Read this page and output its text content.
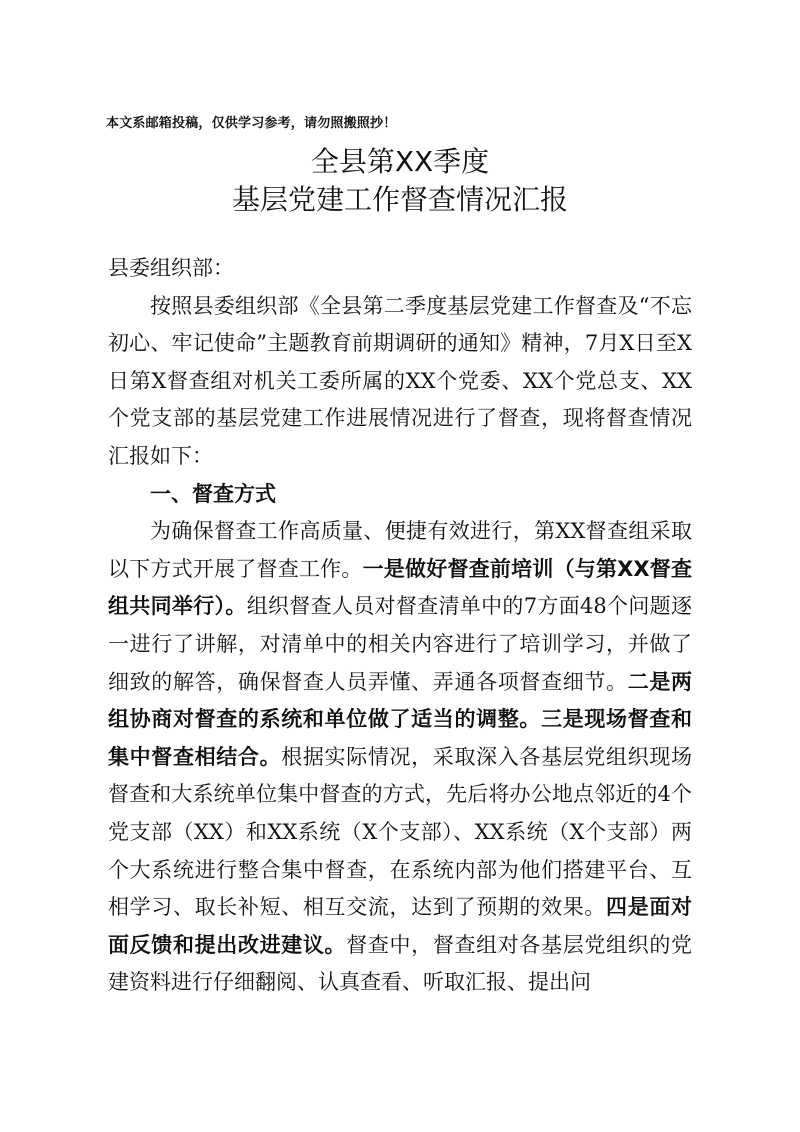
本文系邮箱投稿，仅供学习参考，请勿照搬照抄！
全县第XX季度
基层党建工作督查情况汇报

县委组织部：

按照县委组织部《全县第二季度基层党建工作督查及“不忘初心、牢记使命”主题教育前期调研的通知》精神，7月X日至X日第X督查组对机关工委所属的XX个党委、XX个党总支、XX个党支部的基层党建工作进展情况进行了督查，现将督查情况汇报如下：

一、督查方式

为确保督查工作高质量、便捷有效进行，第XX督查组采取以下方式开展了督查工作。一是做好督查前培训（与第XX督查组共同举行）。组织督查人员对督查清单中的7方面48个问题逐一进行了讲解，对清单中的相关内容进行了培训学习，并做了细致的解答，确保督查人员弄懂、弄通各项督查细节。二是两组协商对督查的系统和单位做了适当的调整。三是现场督查和集中督查相结合。根据实际情况，采取深入各基层党组织现场督查和大系统单位集中督查的方式，先后将办公地点邻近的4个党支部（XX）和XX系统（X个支部）、XX系统（X个支部）两个大系统进行整合集中督查，在系统内部为他们搭建平台、互相学习、取长补短、相互交流，达到了预期的效果。四是面对面反馈和提出改进建议。督查中，督查组对各基层党组织的党建资料进行仔细翻阅、认真查看、听取汇报、提出问
